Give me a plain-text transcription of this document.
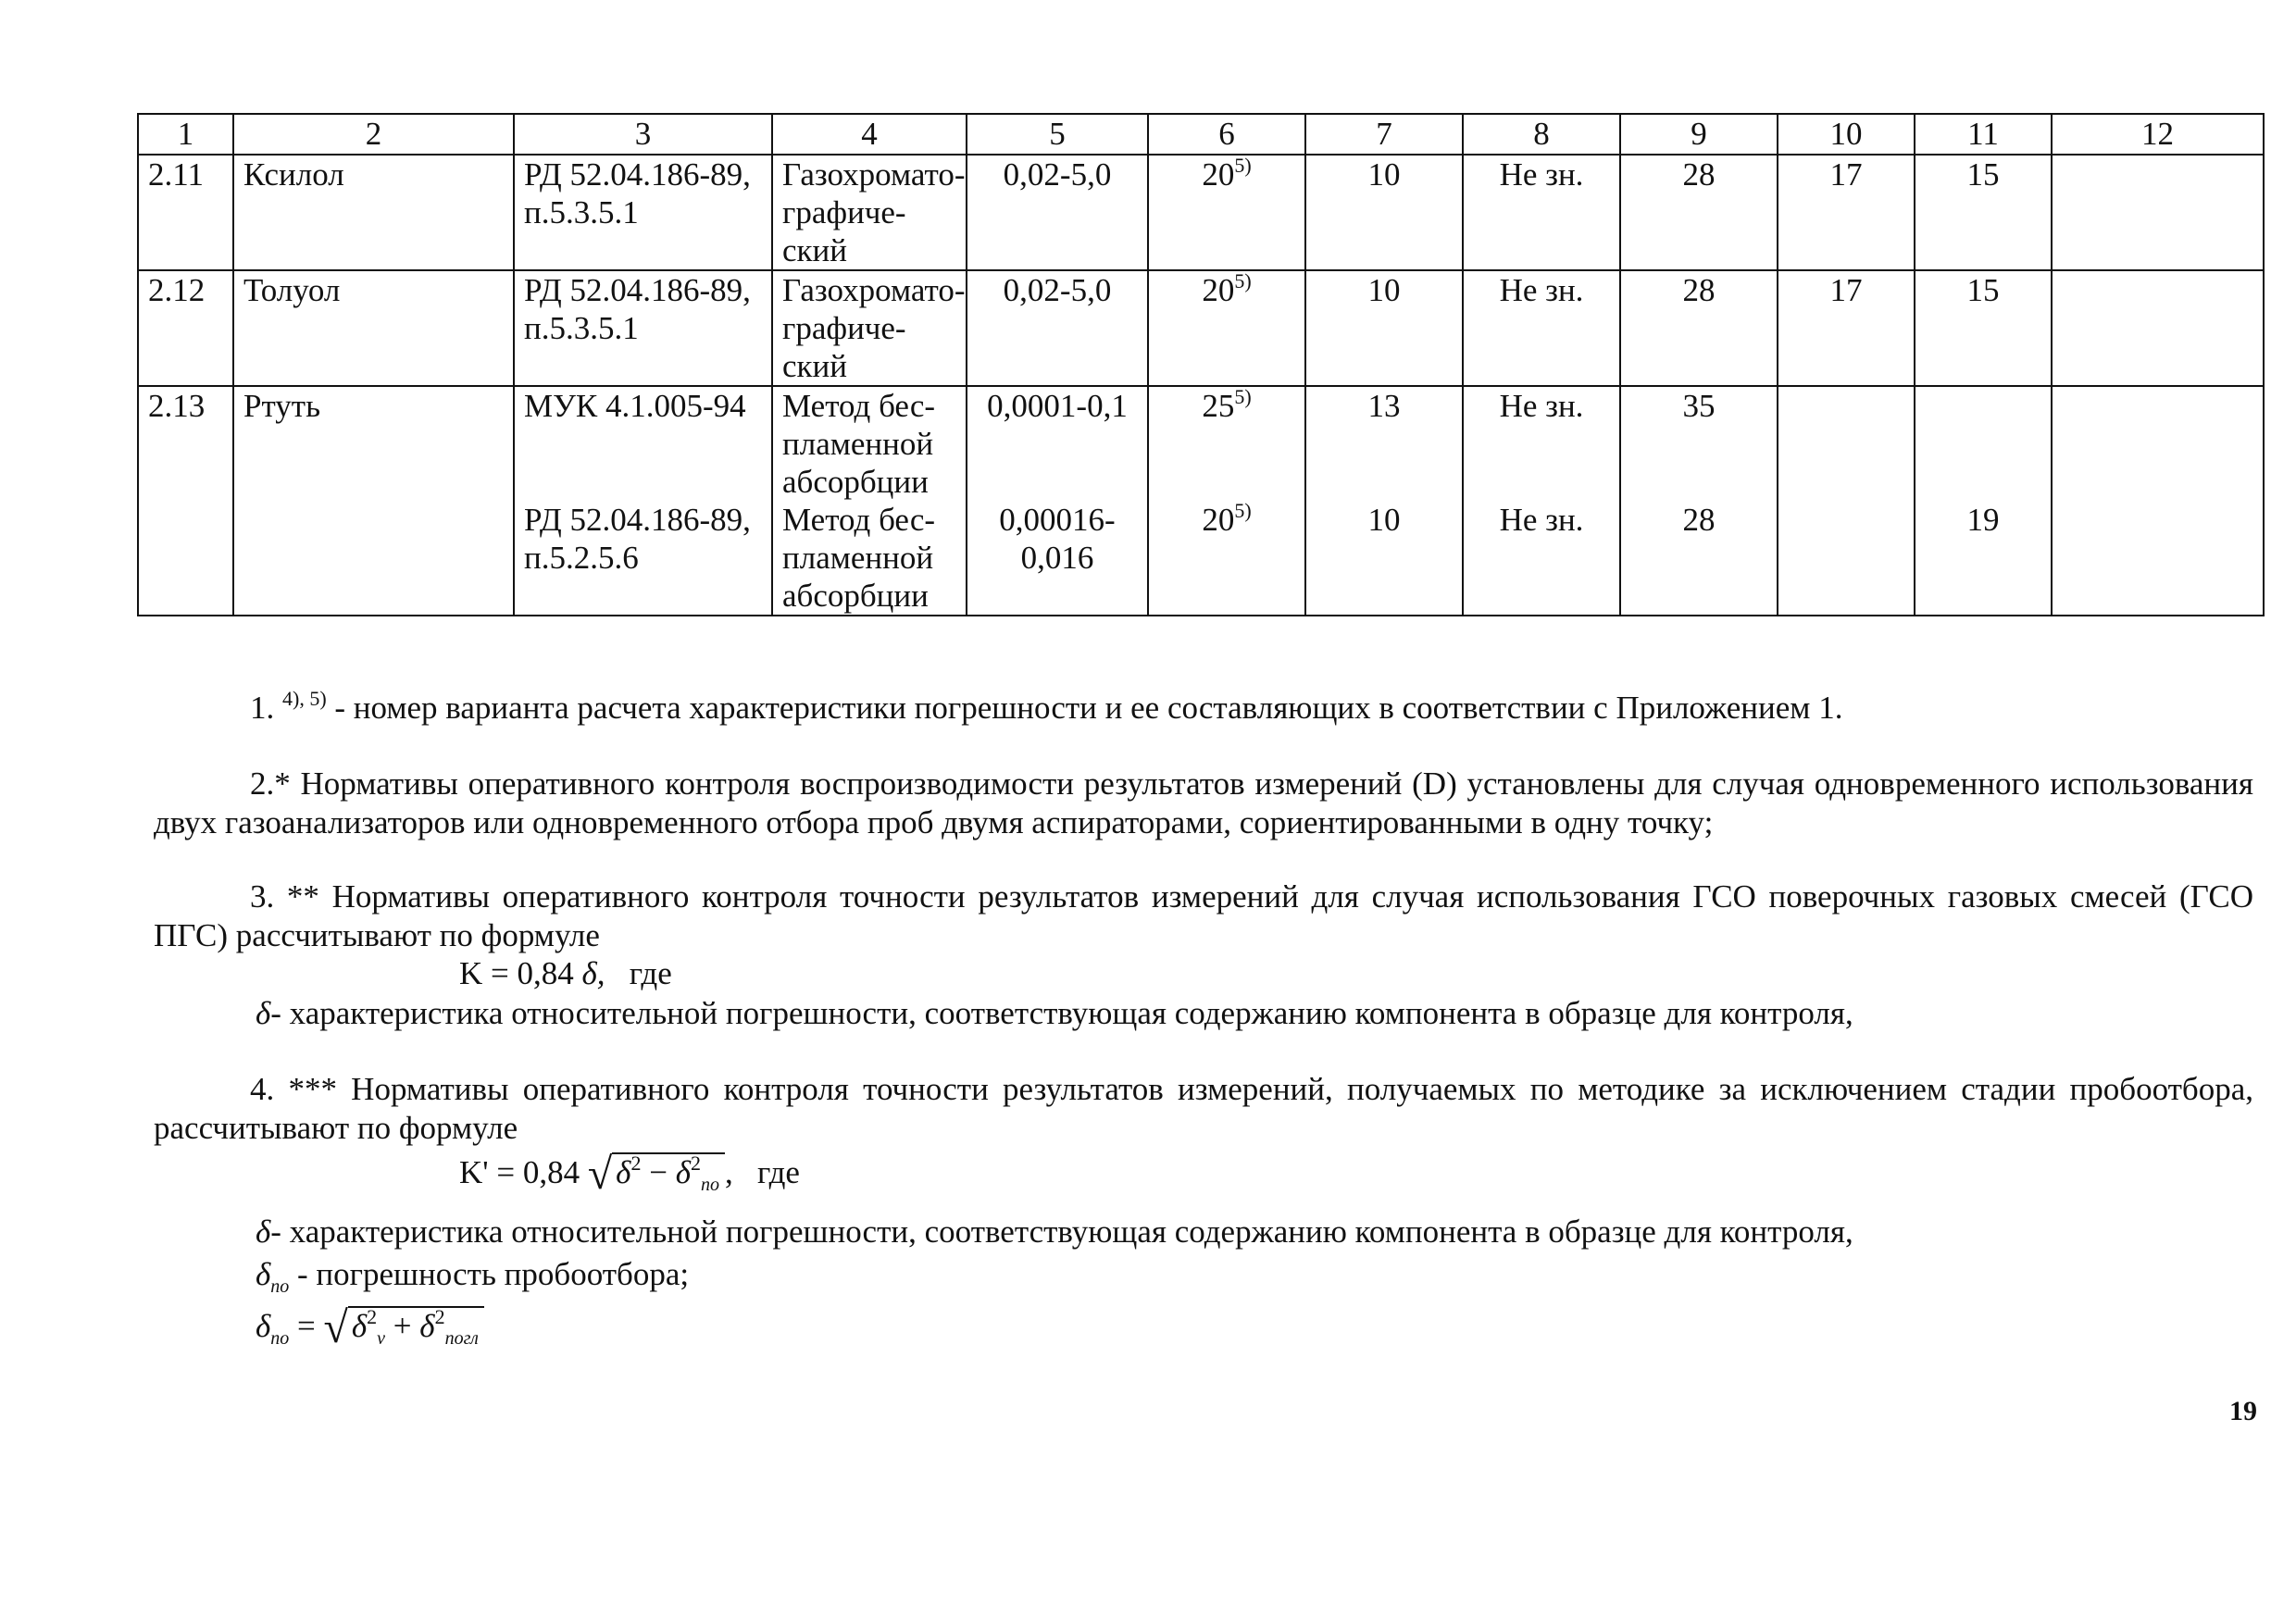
1	2	3	4	5	6	7	8	9	10	11	12
2.11	Ксилол	РД 52.04.186-89, п.5.3.5.1	Газохромато-графиче-ский	0,02-5,0	20$^{5)}$	10	Не зн.	28	17	15	
2.12	Толуол	РД 52.04.186-89, п.5.3.5.1	Газохромато-графиче-ский	0,02-5,0	20$^{5)}$	10	Не зн.	28	17	15	
2.13	Ртуть	МУК 4.1.005-94	Метод бес-пламенной абсорбции	0,0001-0,1	25$^{5)}$	13	Не зн.	35			
		РД 52.04.186-89, п.5.2.5.6	Метод бес-пламенной абсорбции	0,00016-0,016	20$^{5)}$	10	Не зн.	28		19	
1. $^{4), 5)}$ - номер варианта расчета характеристики погрешности и ее составляющих в соответствии с Приложением 1.
2.* Нормативы оперативного контроля воспроизводимости результатов измерений (D) установлены для случая одновременного использования двух газоанализаторов или одновременного отбора проб двумя аспираторами, сориентированными в одну точку;
3. ** Нормативы оперативного контроля точности результатов измерений для случая использования ГСО поверочных газовых смесей (ГСО ПГС) рассчитывают по формуле
K = 0,84 δ, где
δ- характеристика относительной погрешности, соответствующая содержанию компонента в образце для контроля,
4. *** Нормативы оперативного контроля точности результатов измерений, получаемых по методике за исключением стадии пробоотбора, рассчитывают по формуле
K' = 0,84 √ $\delta^2 - \delta^2_{по}$ ,   где
δ- характеристика относительной погрешности, соответствующая содержанию компонента в образце для контроля,
$\delta_{по}$ - погрешность пробоотбора;
$\delta_{по}$ = √ $\delta^2_v + \delta^2_{погл}$
19
